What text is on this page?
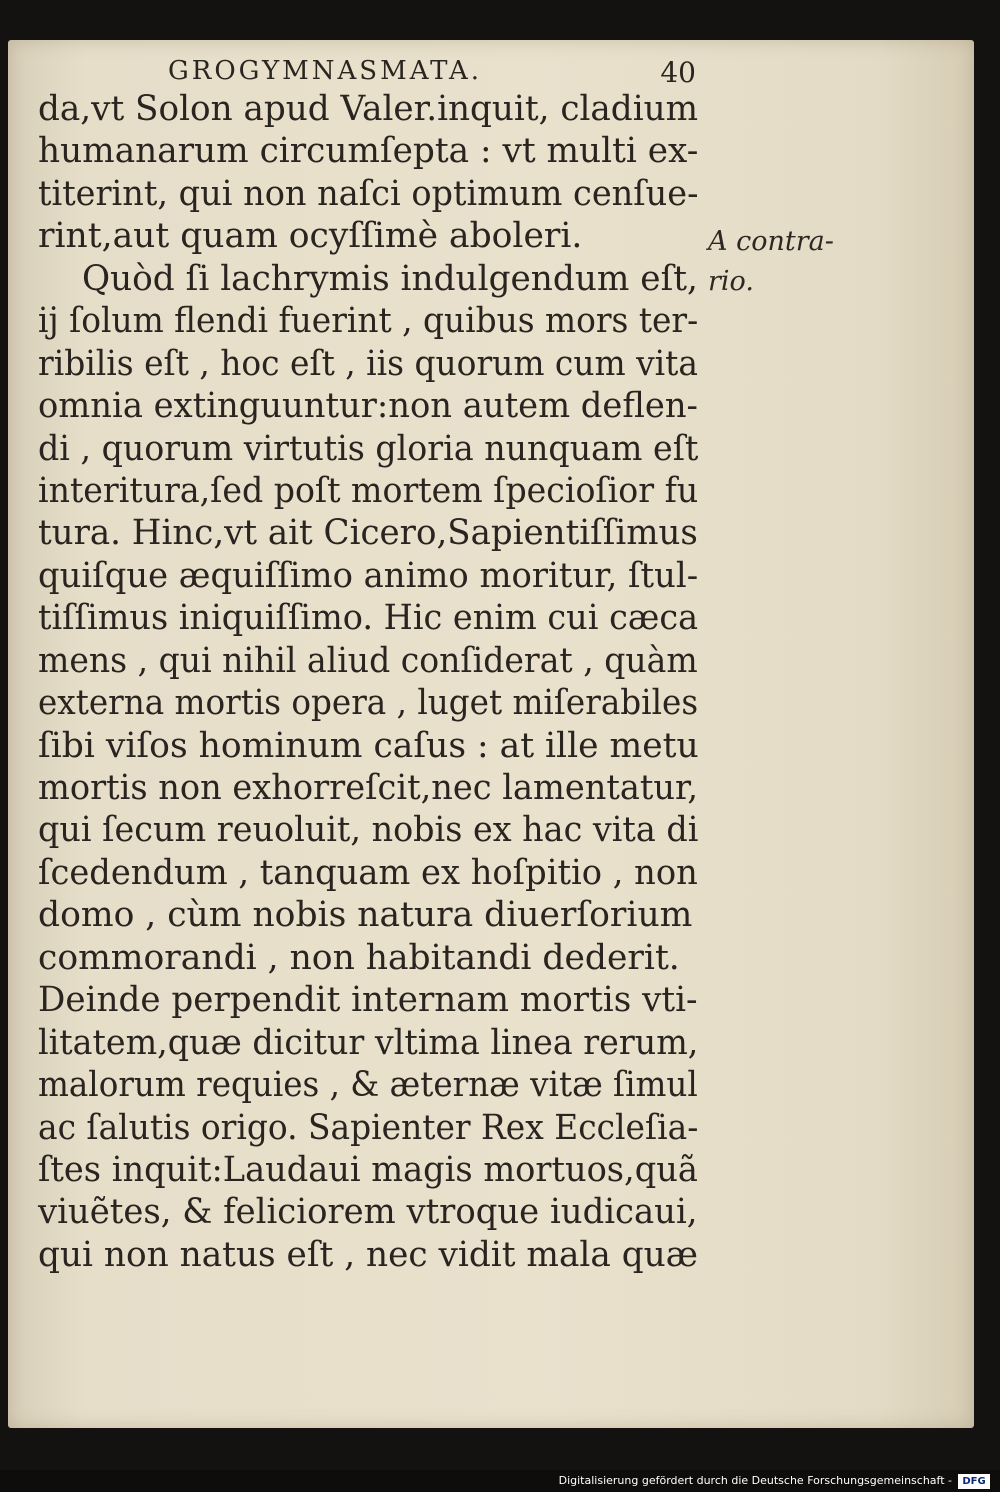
GROGYMNASMATA.	40
da,vt Solon apud Valer.inquit, cladium
humanarum circumſepta : vt multi ex-
titerint, qui non naſci optimum cenſue-
rint,aut quam ocyſſimè aboleri.
Quòd ſi lachrymis indulgendum eſt,
ij ſolum flendi fuerint , quibus mors ter-
ribilis eſt , hoc eſt , iis quorum cum vita
omnia extinguuntur:non autem deflen-
di , quorum virtutis gloria nunquam eſt
interitura,ſed poſt mortem ſpecioſior fu
tura. Hinc,vt ait Cicero,Sapientiſſimus
quiſque æquiſſimo animo moritur, ſtul-
tiſſimus iniquiſſimo. Hic enim cui cæca
mens , qui nihil aliud conſiderat , quàm
externa mortis opera , luget miſerabiles
ſibi viſos hominum caſus : at ille metu
mortis non exhorreſcit,nec lamentatur,
qui ſecum reuoluit, nobis ex hac vita di
ſcedendum , tanquam ex hoſpitio , non
domo , cùm nobis natura diuerſorium
commorandi , non habitandi dederit.
Deinde perpendit internam mortis vti-
litatem,quæ dicitur vltima linea rerum,
malorum requies , & æternæ vitæ ſimul
ac ſalutis origo. Sapienter Rex Eccleſia-
ſtes inquit:Laudaui magis mortuos,quã
viuẽtes, & feliciorem vtroque iudicaui,
qui non natus eſt , nec vidit mala quæ
A contra-
rio.
Digitalisierung gefördert durch die Deutsche Forschungsgemeinschaft -	DFG
